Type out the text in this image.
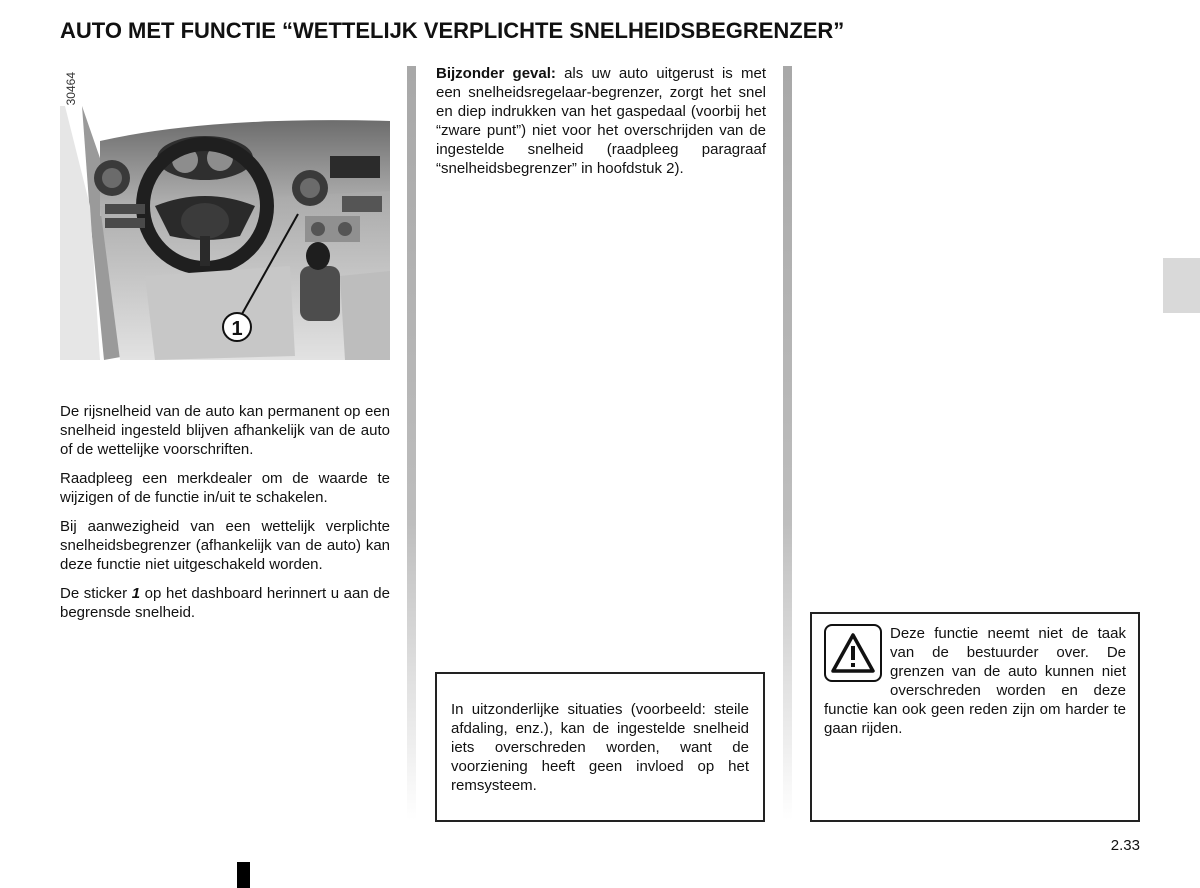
AUTO MET FUNCTIE “WETTELIJK VERPLICHTE SNELHEIDSBEGRENZER”
30464
1

De rijsnelheid van de auto kan permanent op een snelheid ingesteld blijven afhankelijk van de auto of de wettelijke voorschriften.

Raadpleeg een merkdealer om de waarde te wijzigen of de functie in/uit te schakelen.

Bij aanwezigheid van een wettelijk verplichte snelheidsbegrenzer (afhankelijk van de auto) kan deze functie niet uitgeschakeld worden.

De sticker 1 op het dashboard herinnert u aan de begrensde snelheid.

Bijzonder geval: als uw auto uitgerust is met een snelheidsregelaar-begrenzer, zorgt het snel en diep indrukken van het gaspedaal (voorbij het “zware punt”) niet voor het overschrijden van de ingestelde snelheid (raadpleeg paragraaf “snelheidsbegrenzer” in hoofdstuk 2).

In uitzonderlijke situaties (voorbeeld: steile afdaling, enz.), kan de ingestelde snelheid iets overschreden worden, want de voorziening heeft geen invloed op het remsysteem.

Deze functie neemt niet de taak van de bestuurder over. De grenzen van de auto kunnen niet overschreden worden en deze functie kan ook geen reden zijn om harder te gaan rijden.

2.33
